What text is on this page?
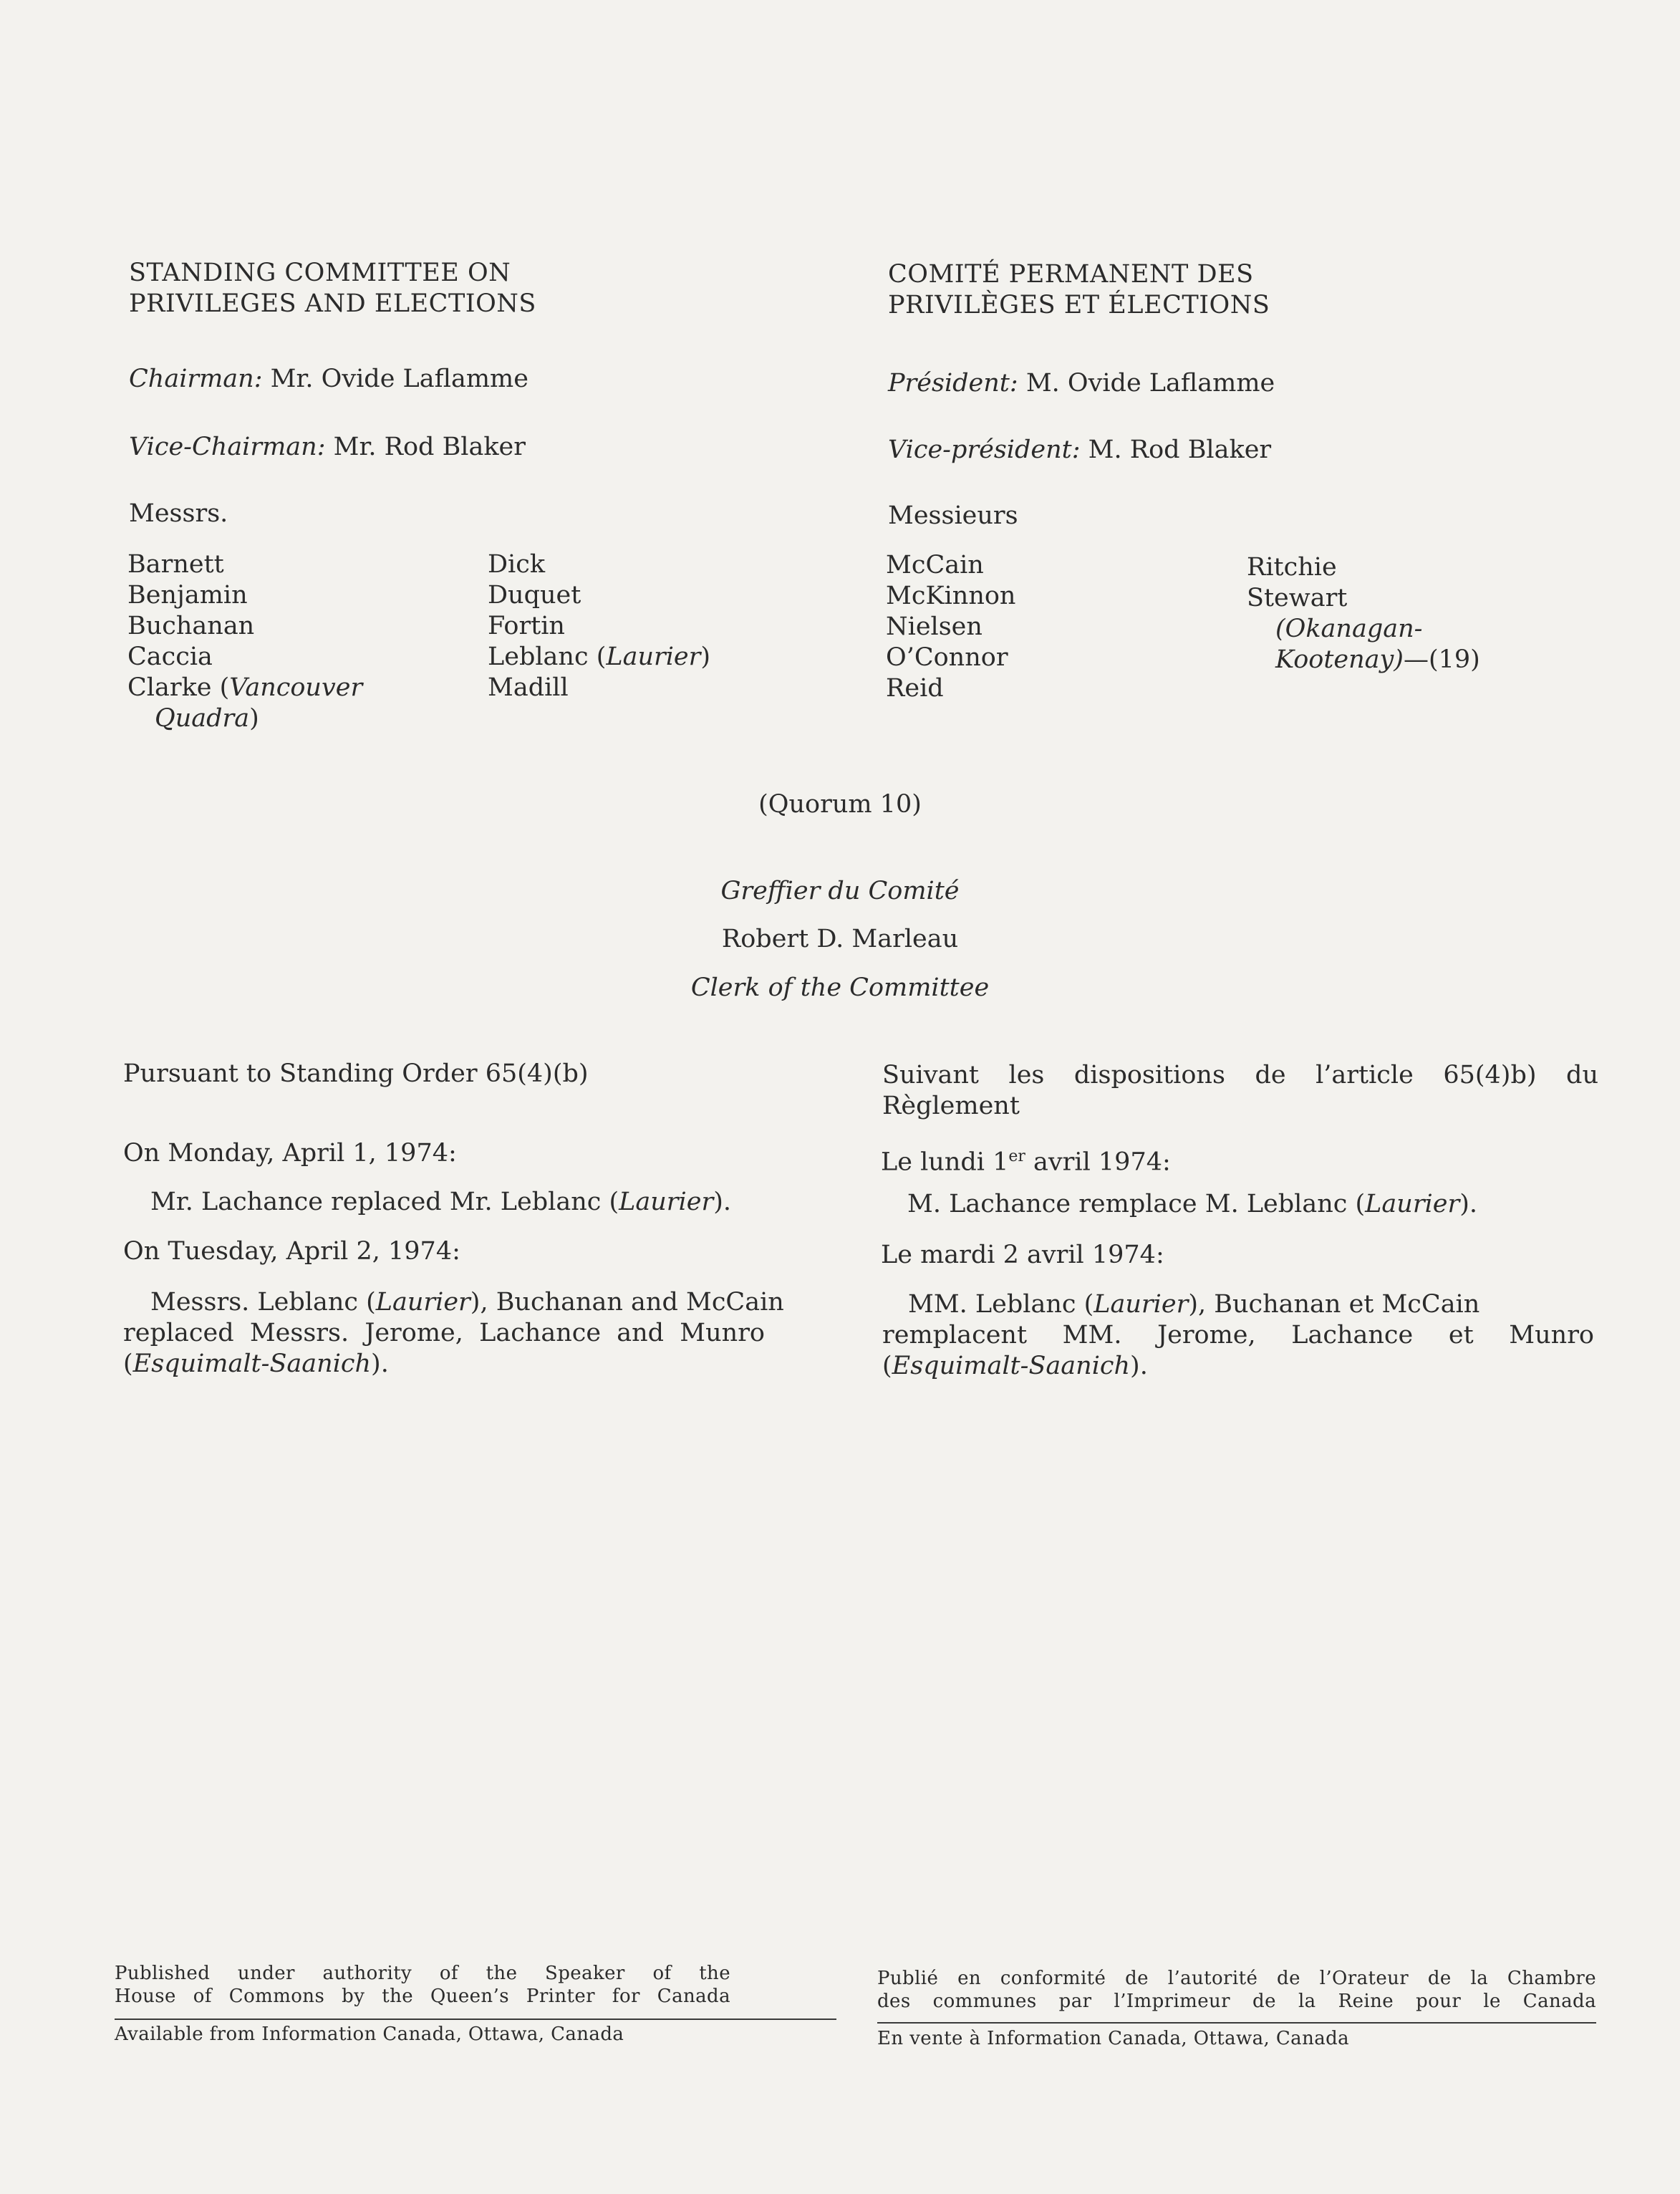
STANDING COMMITTEE ON
PRIVILEGES AND ELECTIONS
Chairman: Mr. Ovide Laflamme
Vice-Chairman: Mr. Rod Blaker
Messrs.
Barnett
Benjamin
Buchanan
Caccia
Clarke (Vancouver
Quadra)
Dick
Duquet
Fortin
Leblanc (Laurier)
Madill
COMITÉ PERMANENT DES
PRIVILÈGES ET ÉLECTIONS
Président: M. Ovide Laflamme
Vice-président: M. Rod Blaker
Messieurs
McCain
McKinnon
Nielsen
O’Connor
Reid
Ritchie
Stewart
(Okanagan-
Kootenay)—(19)
(Quorum 10)
Greffier du Comité
Robert D. Marleau
Clerk of the Committee
Pursuant to Standing Order 65(4)(b)
On Monday, April 1, 1974:
Mr. Lachance replaced Mr. Leblanc (Laurier).
On Tuesday, April 2, 1974:
Messrs. Leblanc (Laurier), Buchanan and McCain
replaced Messrs. Jerome, Lachance and Munro
(Esquimalt-Saanich).
Suivant les dispositions de l’article 65(4)b) du
Règlement
Le lundi 1er avril 1974:
M. Lachance remplace M. Leblanc (Laurier).
Le mardi 2 avril 1974:
MM. Leblanc (Laurier), Buchanan et McCain
remplacent MM. Jerome, Lachance et Munro
(Esquimalt-Saanich).
Published under authority of the Speaker of the
House of Commons by the Queen’s Printer for Canada
Available from Information Canada, Ottawa, Canada
Publié en conformité de l’autorité de l’Orateur de la Chambre
des communes par l’Imprimeur de la Reine pour le Canada
En vente à Information Canada, Ottawa, Canada
